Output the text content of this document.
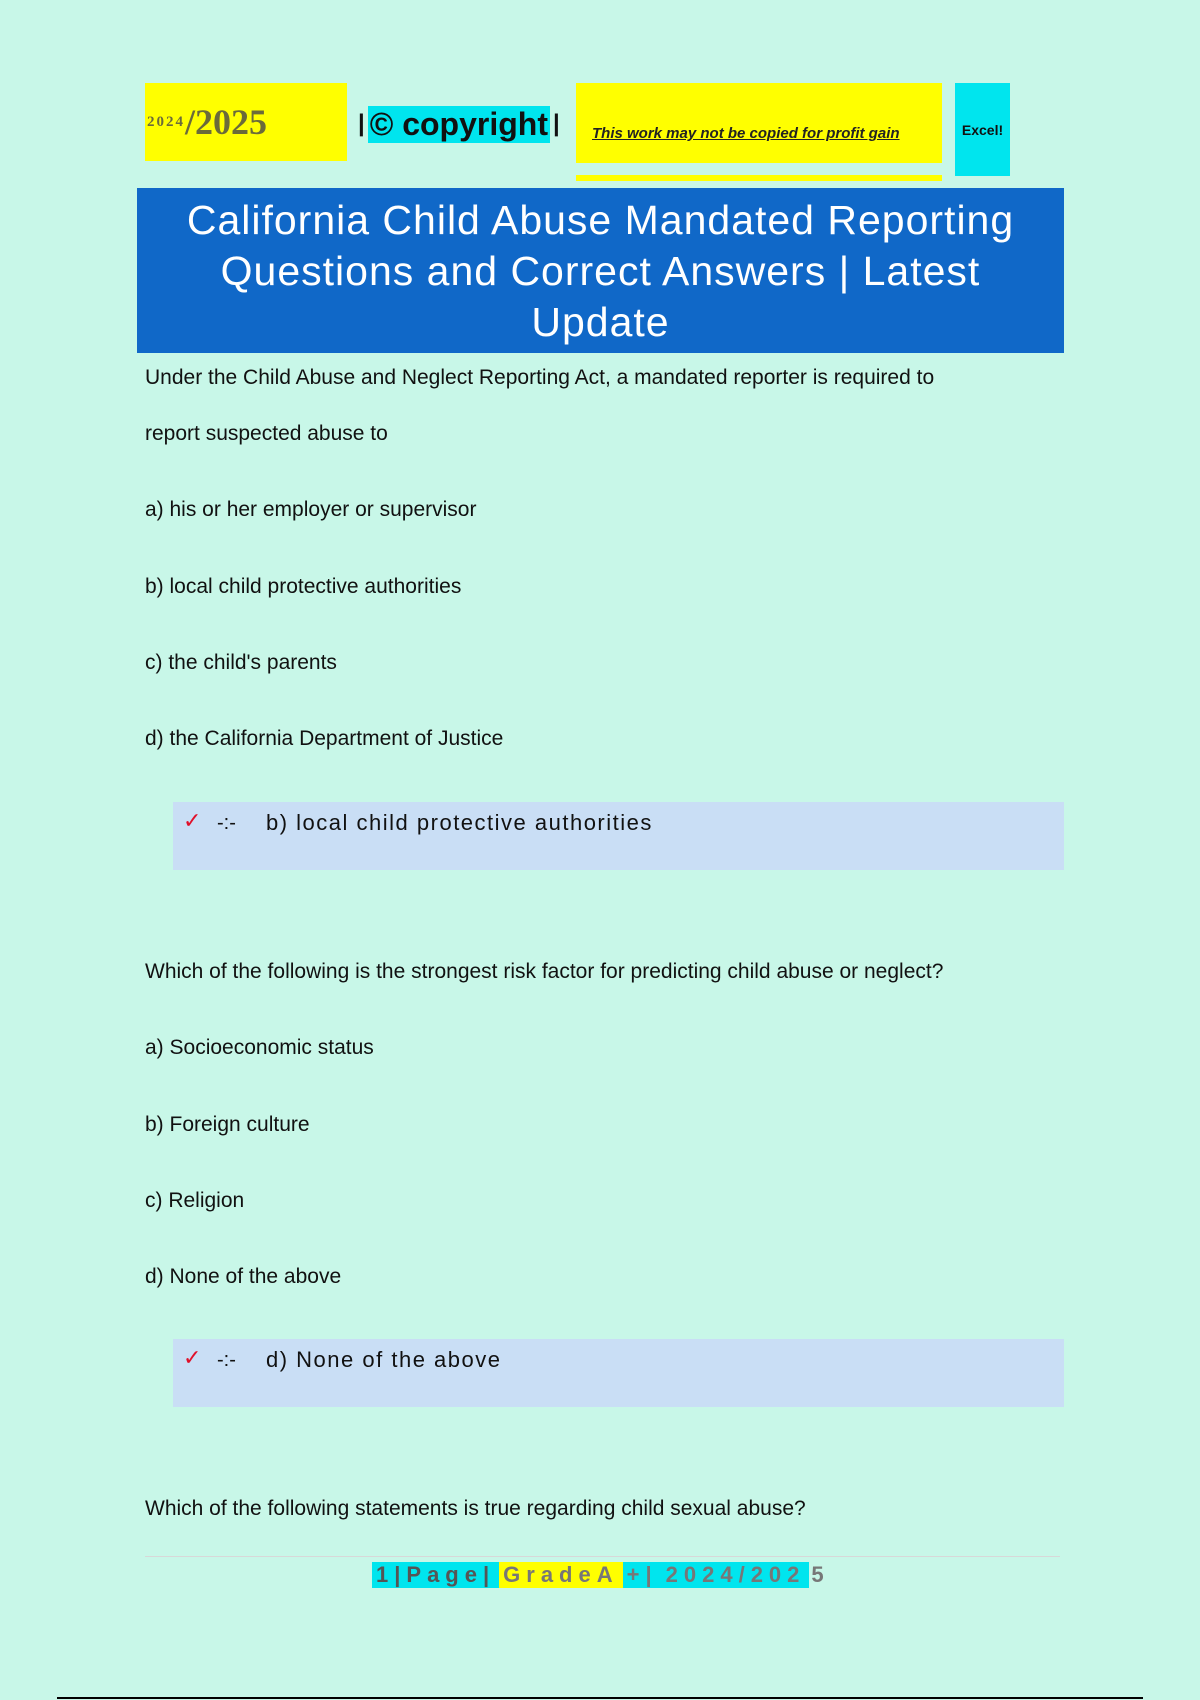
2024 /2025	| © copyright | This work may not be copied for profit gain	Excel!
California Child Abuse Mandated Reporting
Questions and Correct Answers | Latest
Update
Under the Child Abuse and Neglect Reporting Act, a mandated reporter is required to
report suspected abuse to
a) his or her employer or supervisor
b) local child protective authorities
c) the child's parents
d) the California Department of Justice
✓ -:- b) local child protective authorities
Which of the following is the strongest risk factor for predicting child abuse or neglect?
a) Socioeconomic status
b) Foreign culture
c) Religion
d) None of the above
✓ -:- d) None of the above
Which of the following statements is true regarding child sexual abuse?
1|Page| GradeA +| 2024/202 5
